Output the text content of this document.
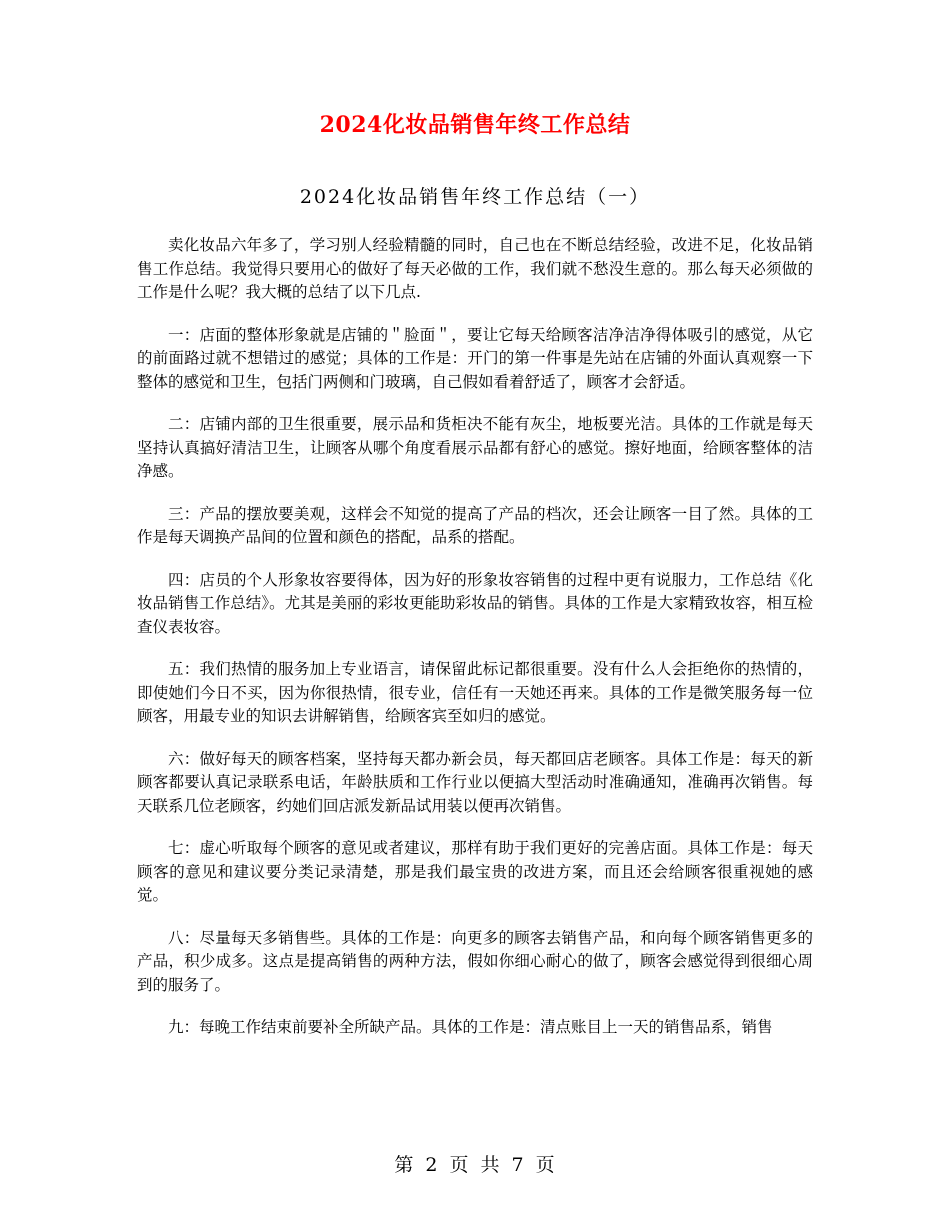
2024化妆品销售年终工作总结
2024化妆品销售年终工作总结（一）

卖化妆品六年多了，学习别人经验精髓的同时，自己也在不断总结经验，改进不足，化妆品销售工作总结。我觉得只要用心的做好了每天必做的工作，我们就不愁没生意的。那么每天必须做的工作是什么呢？我大概的总结了以下几点.

一：店面的整体形象就是店铺的＂脸面＂，要让它每天给顾客洁净洁净得体吸引的感觉，从它的前面路过就不想错过的感觉；具体的工作是：开门的第一件事是先站在店铺的外面认真观察一下整体的感觉和卫生，包括门两侧和门玻璃，自己假如看着舒适了，顾客才会舒适。

二：店铺内部的卫生很重要，展示品和货柜决不能有灰尘，地板要光洁。具体的工作就是每天坚持认真搞好清洁卫生，让顾客从哪个角度看展示品都有舒心的感觉。擦好地面，给顾客整体的洁净感。

三：产品的摆放要美观，这样会不知觉的提高了产品的档次，还会让顾客一目了然。具体的工作是每天调换产品间的位置和颜色的搭配，品系的搭配。

四：店员的个人形象妆容要得体，因为好的形象妆容销售的过程中更有说服力，工作总结《化妆品销售工作总结》。尤其是美丽的彩妆更能助彩妆品的销售。具体的工作是大家精致妆容，相互检查仪表妆容。

五：我们热情的服务加上专业语言，请保留此标记都很重要。没有什么人会拒绝你的热情的，即使她们今日不买，因为你很热情，很专业，信任有一天她还再来。具体的工作是微笑服务每一位顾客，用最专业的知识去讲解销售，给顾客宾至如归的感觉。

六：做好每天的顾客档案，坚持每天都办新会员，每天都回店老顾客。具体工作是：每天的新顾客都要认真记录联系电话，年龄肤质和工作行业以便搞大型活动时准确通知，准确再次销售。每天联系几位老顾客，约她们回店派发新品试用装以便再次销售。

七：虚心听取每个顾客的意见或者建议，那样有助于我们更好的完善店面。具体工作是：每天顾客的意见和建议要分类记录清楚，那是我们最宝贵的改进方案，而且还会给顾客很重视她的感觉。

八：尽量每天多销售些。具体的工作是：向更多的顾客去销售产品，和向每个顾客销售更多的产品，积少成多。这点是提高销售的两种方法，假如你细心耐心的做了，顾客会感觉得到很细心周到的服务了。

九：每晚工作结束前要补全所缺产品。具体的工作是：清点账目上一天的销售品系，销售

第 2 页 共 7 页
